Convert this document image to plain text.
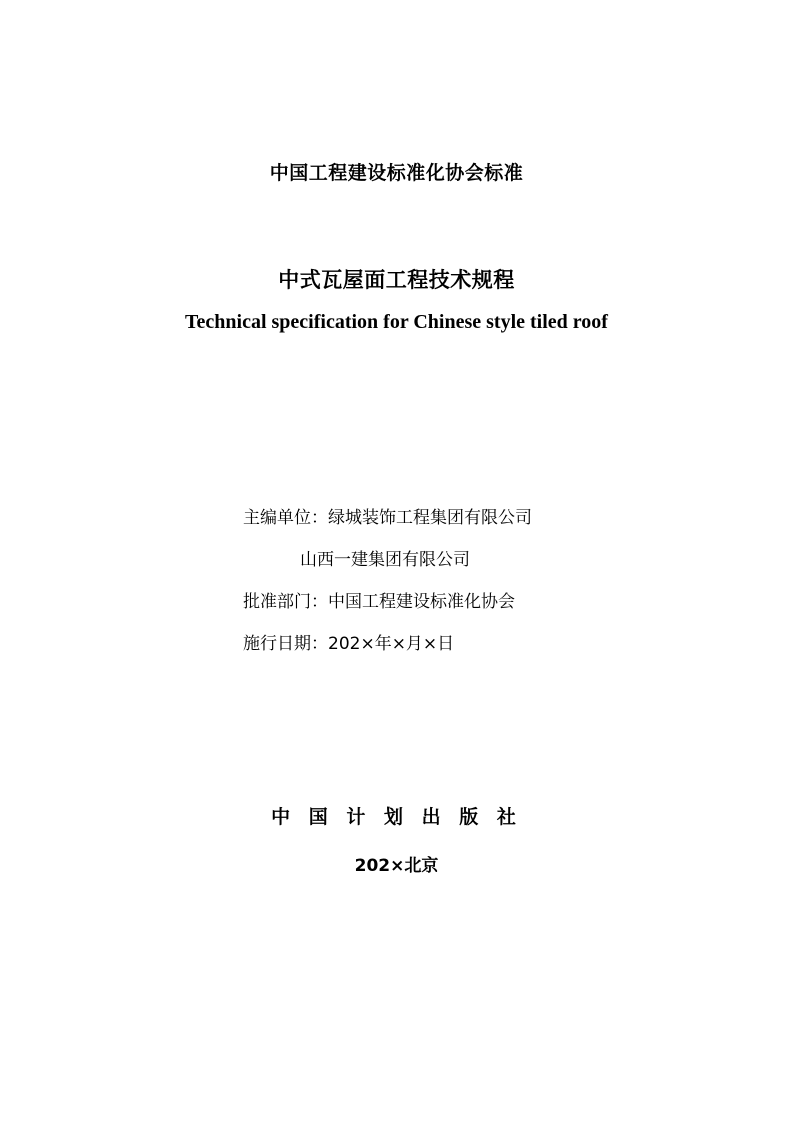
中国工程建设标准化协会标准
中式瓦屋面工程技术规程
Technical specification for Chinese style tiled roof
主编单位：绿城装饰工程集团有限公司
山西一建集团有限公司
批准部门：中国工程建设标准化协会
施行日期：202×年×月×日
中 国 计 划 出 版 社
202×北京
